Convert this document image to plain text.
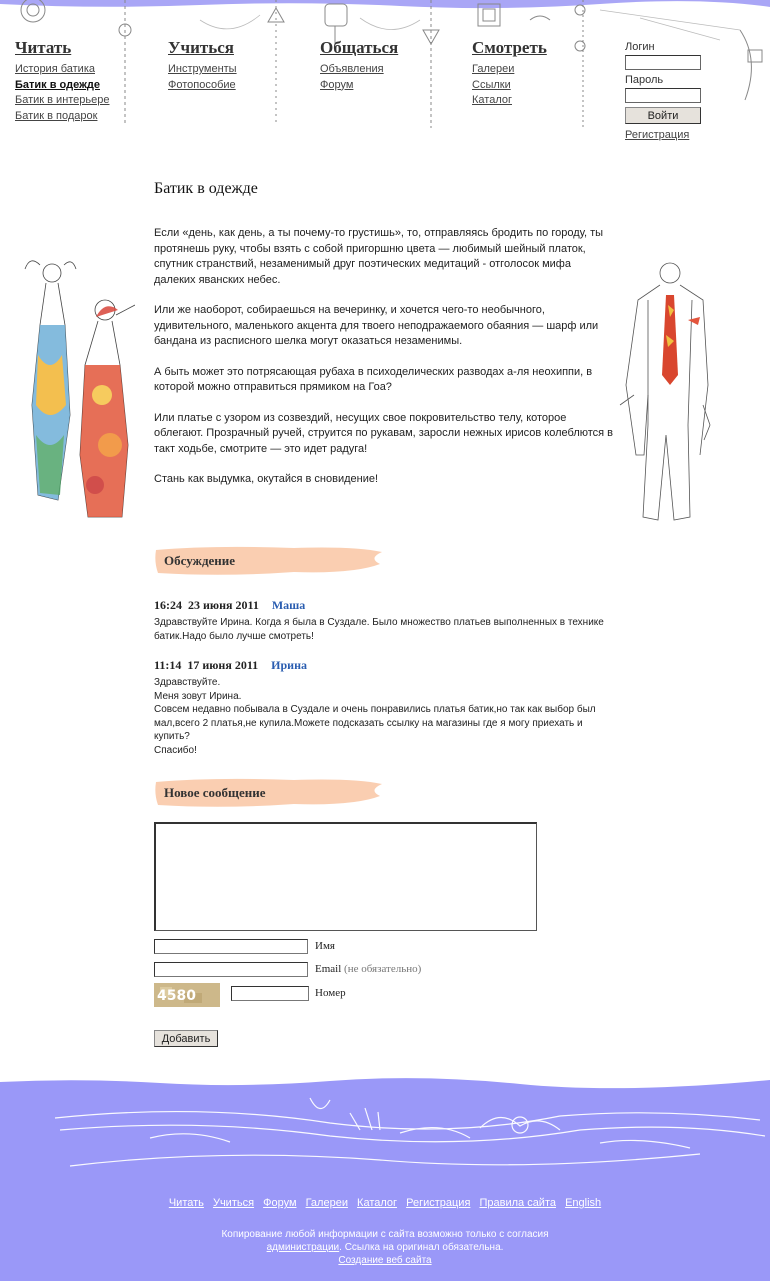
Читать
История батика
Батик в одежде
Батик в интерьере
Батик в подарок
Учиться
Инструменты
Фотопособие
Общаться
Объявления
Форум
Смотреть
Галереи
Ссылки
Каталог
Логин
Пароль
Войти
Регистрация
Батик в одежде

Если «день, как день, а ты почему-то грустишь», то, отправляясь бродить по городу, ты протянешь руку, чтобы взять с собой пригоршню цвета — любимый шейный платок, спутник странствий, незаменимый друг поэтических медитаций - отголосок мифа далеких яванских небес.

Или же наоборот, собираешься на вечеринку, и хочется чего-то необычного, удивительного, маленького акцента для твоего неподражаемого обаяния — шарф или бандана из расписного шелка могут оказаться незаменимы.

А быть может это потрясающая рубаха в психоделических разводах а-ля неохиппи, в которой можно отправиться прямиком на Гоа?

Или платье с узором из созвездий, несущих свое покровительство телу, которое облегают. Прозрачный ручей, струится по рукавам, заросли нежных ирисов колеблются в такт ходьбе, смотрите — это идет радуга!

Стань как выдумка, окутайся в сновидение!

Обсуждение
16:24 23 июня 2011 Маша
Здравствуйте Ирина. Когда я была в Суздале. Было множество платьев выполненных в технике батик.Надо было лучше смотреть!
11:14 17 июня 2011 Ирина
Здравствуйте.
Меня зовут Ирина.
Совсем недавно побывала в Суздале и очень понравились платья батик,но так как выбор был мал,всего 2 платья,не купила.Можете подсказать ссылку на магазины где я могу приехать и купить?
Спасибо!
Новое сообщение
Имя
Email (не обязательно)
4580	Номер
Добавить
Читать Учиться Форум Галереи Каталог Регистрация Правила сайта English
Копирование любой информации с сайта возможно только с согласия
администрации. Ссылка на оригинал обязательна.
Создание веб сайта
